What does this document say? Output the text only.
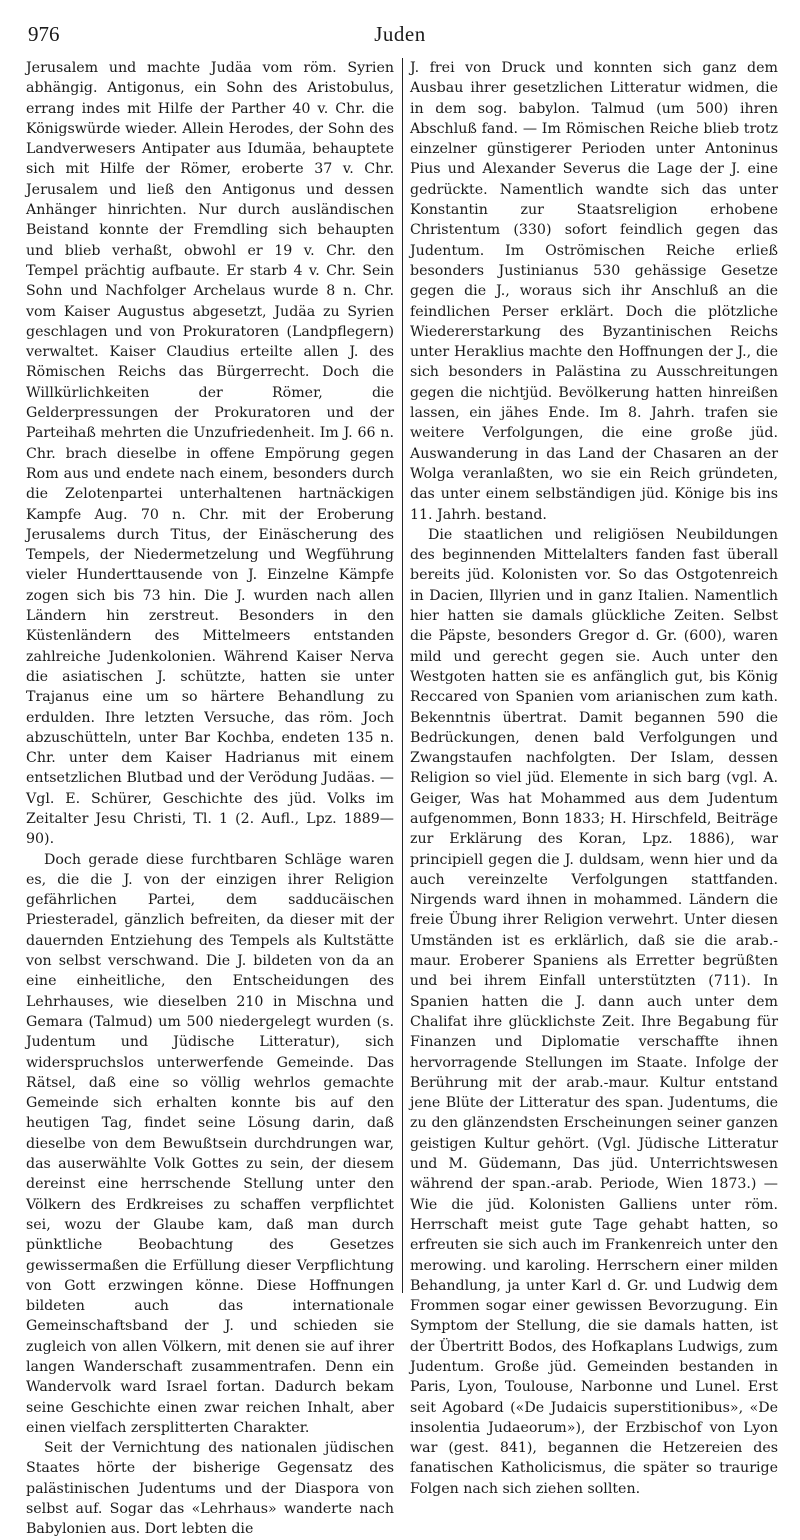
976	Juden

Jerusalem und machte Judäa vom röm. Syrien abhängig. Antigonus, ein Sohn des Aristobulus, errang indes mit Hilfe der Parther 40 v. Chr. die Königswürde wieder. Allein Herodes, der Sohn des Landverwesers Antipater aus Idumäa, behauptete sich mit Hilfe der Römer, eroberte 37 v. Chr. Jerusalem und ließ den Antigonus und dessen Anhänger hinrichten. Nur durch ausländischen Beistand konnte der Fremdling sich behaupten und blieb verhaßt, obwohl er 19 v. Chr. den Tempel prächtig aufbaute. Er starb 4 v. Chr. Sein Sohn und Nachfolger Archelaus wurde 8 n. Chr. vom Kaiser Augustus abgesetzt, Judäa zu Syrien geschlagen und von Prokuratoren (Landpflegern) verwaltet. Kaiser Claudius erteilte allen J. des Römischen Reichs das Bürgerrecht. Doch die Willkürlichkeiten der Römer, die Gelderpressungen der Prokuratoren und der Parteihaß mehrten die Unzufriedenheit. Im J. 66 n. Chr. brach dieselbe in offene Empörung gegen Rom aus und endete nach einem, besonders durch die Zelotenpartei unterhaltenen hartnäckigen Kampfe Aug. 70 n. Chr. mit der Eroberung Jerusalems durch Titus, der Einäscherung des Tempels, der Niedermetzelung und Wegführung vieler Hunderttausende von J. Einzelne Kämpfe zogen sich bis 73 hin. Die J. wurden nach allen Ländern hin zerstreut. Besonders in den Küstenländern des Mittelmeers entstanden zahlreiche Judenkolonien. Während Kaiser Nerva die asiatischen J. schützte, hatten sie unter Trajanus eine um so härtere Behandlung zu erdulden. Ihre letzten Versuche, das röm. Joch abzuschütteln, unter Bar Kochba, endeten 135 n. Chr. unter dem Kaiser Hadrianus mit einem entsetzlichen Blutbad und der Verödung Judäas. — Vgl. E. Schürer, Geschichte des jüd. Volks im Zeitalter Jesu Christi, Tl. 1 (2. Aufl., Lpz. 1889—90).

Doch gerade diese furchtbaren Schläge waren es, die die J. von der einzigen ihrer Religion gefährlichen Partei, dem sadducäischen Priesteradel, gänzlich befreiten, da dieser mit der dauernden Entziehung des Tempels als Kultstätte von selbst verschwand. Die J. bildeten von da an eine einheitliche, den Entscheidungen des Lehrhauses, wie dieselben 210 in Mischna und Gemara (Talmud) um 500 niedergelegt wurden (s. Judentum und Jüdische Litteratur), sich widerspruchslos unterwerfende Gemeinde. Das Rätsel, daß eine so völlig wehrlos gemachte Gemeinde sich erhalten konnte bis auf den heutigen Tag, findet seine Lösung darin, daß dieselbe von dem Bewußtsein durchdrungen war, das auserwählte Volk Gottes zu sein, der diesem dereinst eine herrschende Stellung unter den Völkern des Erdkreises zu schaffen verpflichtet sei, wozu der Glaube kam, daß man durch pünktliche Beobachtung des Gesetzes gewissermaßen die Erfüllung dieser Verpflichtung von Gott erzwingen könne. Diese Hoffnungen bildeten auch das internationale Gemeinschaftsband der J. und schieden sie zugleich von allen Völkern, mit denen sie auf ihrer langen Wanderschaft zusammentrafen. Denn ein Wandervolk ward Israel fortan. Dadurch bekam seine Geschichte einen zwar reichen Inhalt, aber einen vielfach zersplitterten Charakter.

Seit der Vernichtung des nationalen jüdischen Staates hörte der bisherige Gegensatz des palästinischen Judentums und der Diaspora von selbst auf. Sogar das «Lehrhaus» wanderte nach Babylonien aus. Dort lebten die

J. frei von Druck und konnten sich ganz dem Ausbau ihrer gesetzlichen Litteratur widmen, die in dem sog. babylon. Talmud (um 500) ihren Abschluß fand. — Im Römischen Reiche blieb trotz einzelner günstigerer Perioden unter Antoninus Pius und Alexander Severus die Lage der J. eine gedrückte. Namentlich wandte sich das unter Konstantin zur Staatsreligion erhobene Christentum (330) sofort feindlich gegen das Judentum. Im Oströmischen Reiche erließ besonders Justinianus 530 gehässige Gesetze gegen die J., woraus sich ihr Anschluß an die feindlichen Perser erklärt. Doch die plötzliche Wiedererstarkung des Byzantinischen Reichs unter Heraklius machte den Hoffnungen der J., die sich besonders in Palästina zu Ausschreitungen gegen die nichtjüd. Bevölkerung hatten hinreißen lassen, ein jähes Ende. Im 8. Jahrh. trafen sie weitere Verfolgungen, die eine große jüd. Auswanderung in das Land der Chasaren an der Wolga veranlaßten, wo sie ein Reich gründeten, das unter einem selbständigen jüd. Könige bis ins 11. Jahrh. bestand.

Die staatlichen und religiösen Neubildungen des beginnenden Mittelalters fanden fast überall bereits jüd. Kolonisten vor. So das Ostgotenreich in Dacien, Illyrien und in ganz Italien. Namentlich hier hatten sie damals glückliche Zeiten. Selbst die Päpste, besonders Gregor d. Gr. (600), waren mild und gerecht gegen sie. Auch unter den Westgoten hatten sie es anfänglich gut, bis König Reccared von Spanien vom arianischen zum kath. Bekenntnis übertrat. Damit begannen 590 die Bedrückungen, denen bald Verfolgungen und Zwangstaufen nachfolgten. Der Islam, dessen Religion so viel jüd. Elemente in sich barg (vgl. A. Geiger, Was hat Mohammed aus dem Judentum aufgenommen, Bonn 1833; H. Hirschfeld, Beiträge zur Erklärung des Koran, Lpz. 1886), war principiell gegen die J. duldsam, wenn hier und da auch vereinzelte Verfolgungen stattfanden. Nirgends ward ihnen in mohammed. Ländern die freie Übung ihrer Religion verwehrt. Unter diesen Umständen ist es erklärlich, daß sie die arab.-maur. Eroberer Spaniens als Erretter begrüßten und bei ihrem Einfall unterstützten (711). In Spanien hatten die J. dann auch unter dem Chalifat ihre glücklichste Zeit. Ihre Begabung für Finanzen und Diplomatie verschaffte ihnen hervorragende Stellungen im Staate. Infolge der Berührung mit der arab.-maur. Kultur entstand jene Blüte der Litteratur des span. Judentums, die zu den glänzendsten Erscheinungen seiner ganzen geistigen Kultur gehört. (Vgl. Jüdische Litteratur und M. Güdemann, Das jüd. Unterrichtswesen während der span.-arab. Periode, Wien 1873.) — Wie die jüd. Kolonisten Galliens unter röm. Herrschaft meist gute Tage gehabt hatten, so erfreuten sie sich auch im Frankenreich unter den merowing. und karoling. Herrschern einer milden Behandlung, ja unter Karl d. Gr. und Ludwig dem Frommen sogar einer gewissen Bevorzugung. Ein Symptom der Stellung, die sie damals hatten, ist der Übertritt Bodos, des Hofkaplans Ludwigs, zum Judentum. Große jüd. Gemeinden bestanden in Paris, Lyon, Toulouse, Narbonne und Lunel. Erst seit Agobard («De Judaicis superstitionibus», «De insolentia Judaeorum»), der Erzbischof von Lyon war (gest. 841), begannen die Hetzereien des fanatischen Katholicismus, die später so traurige Folgen nach sich ziehen sollten.
